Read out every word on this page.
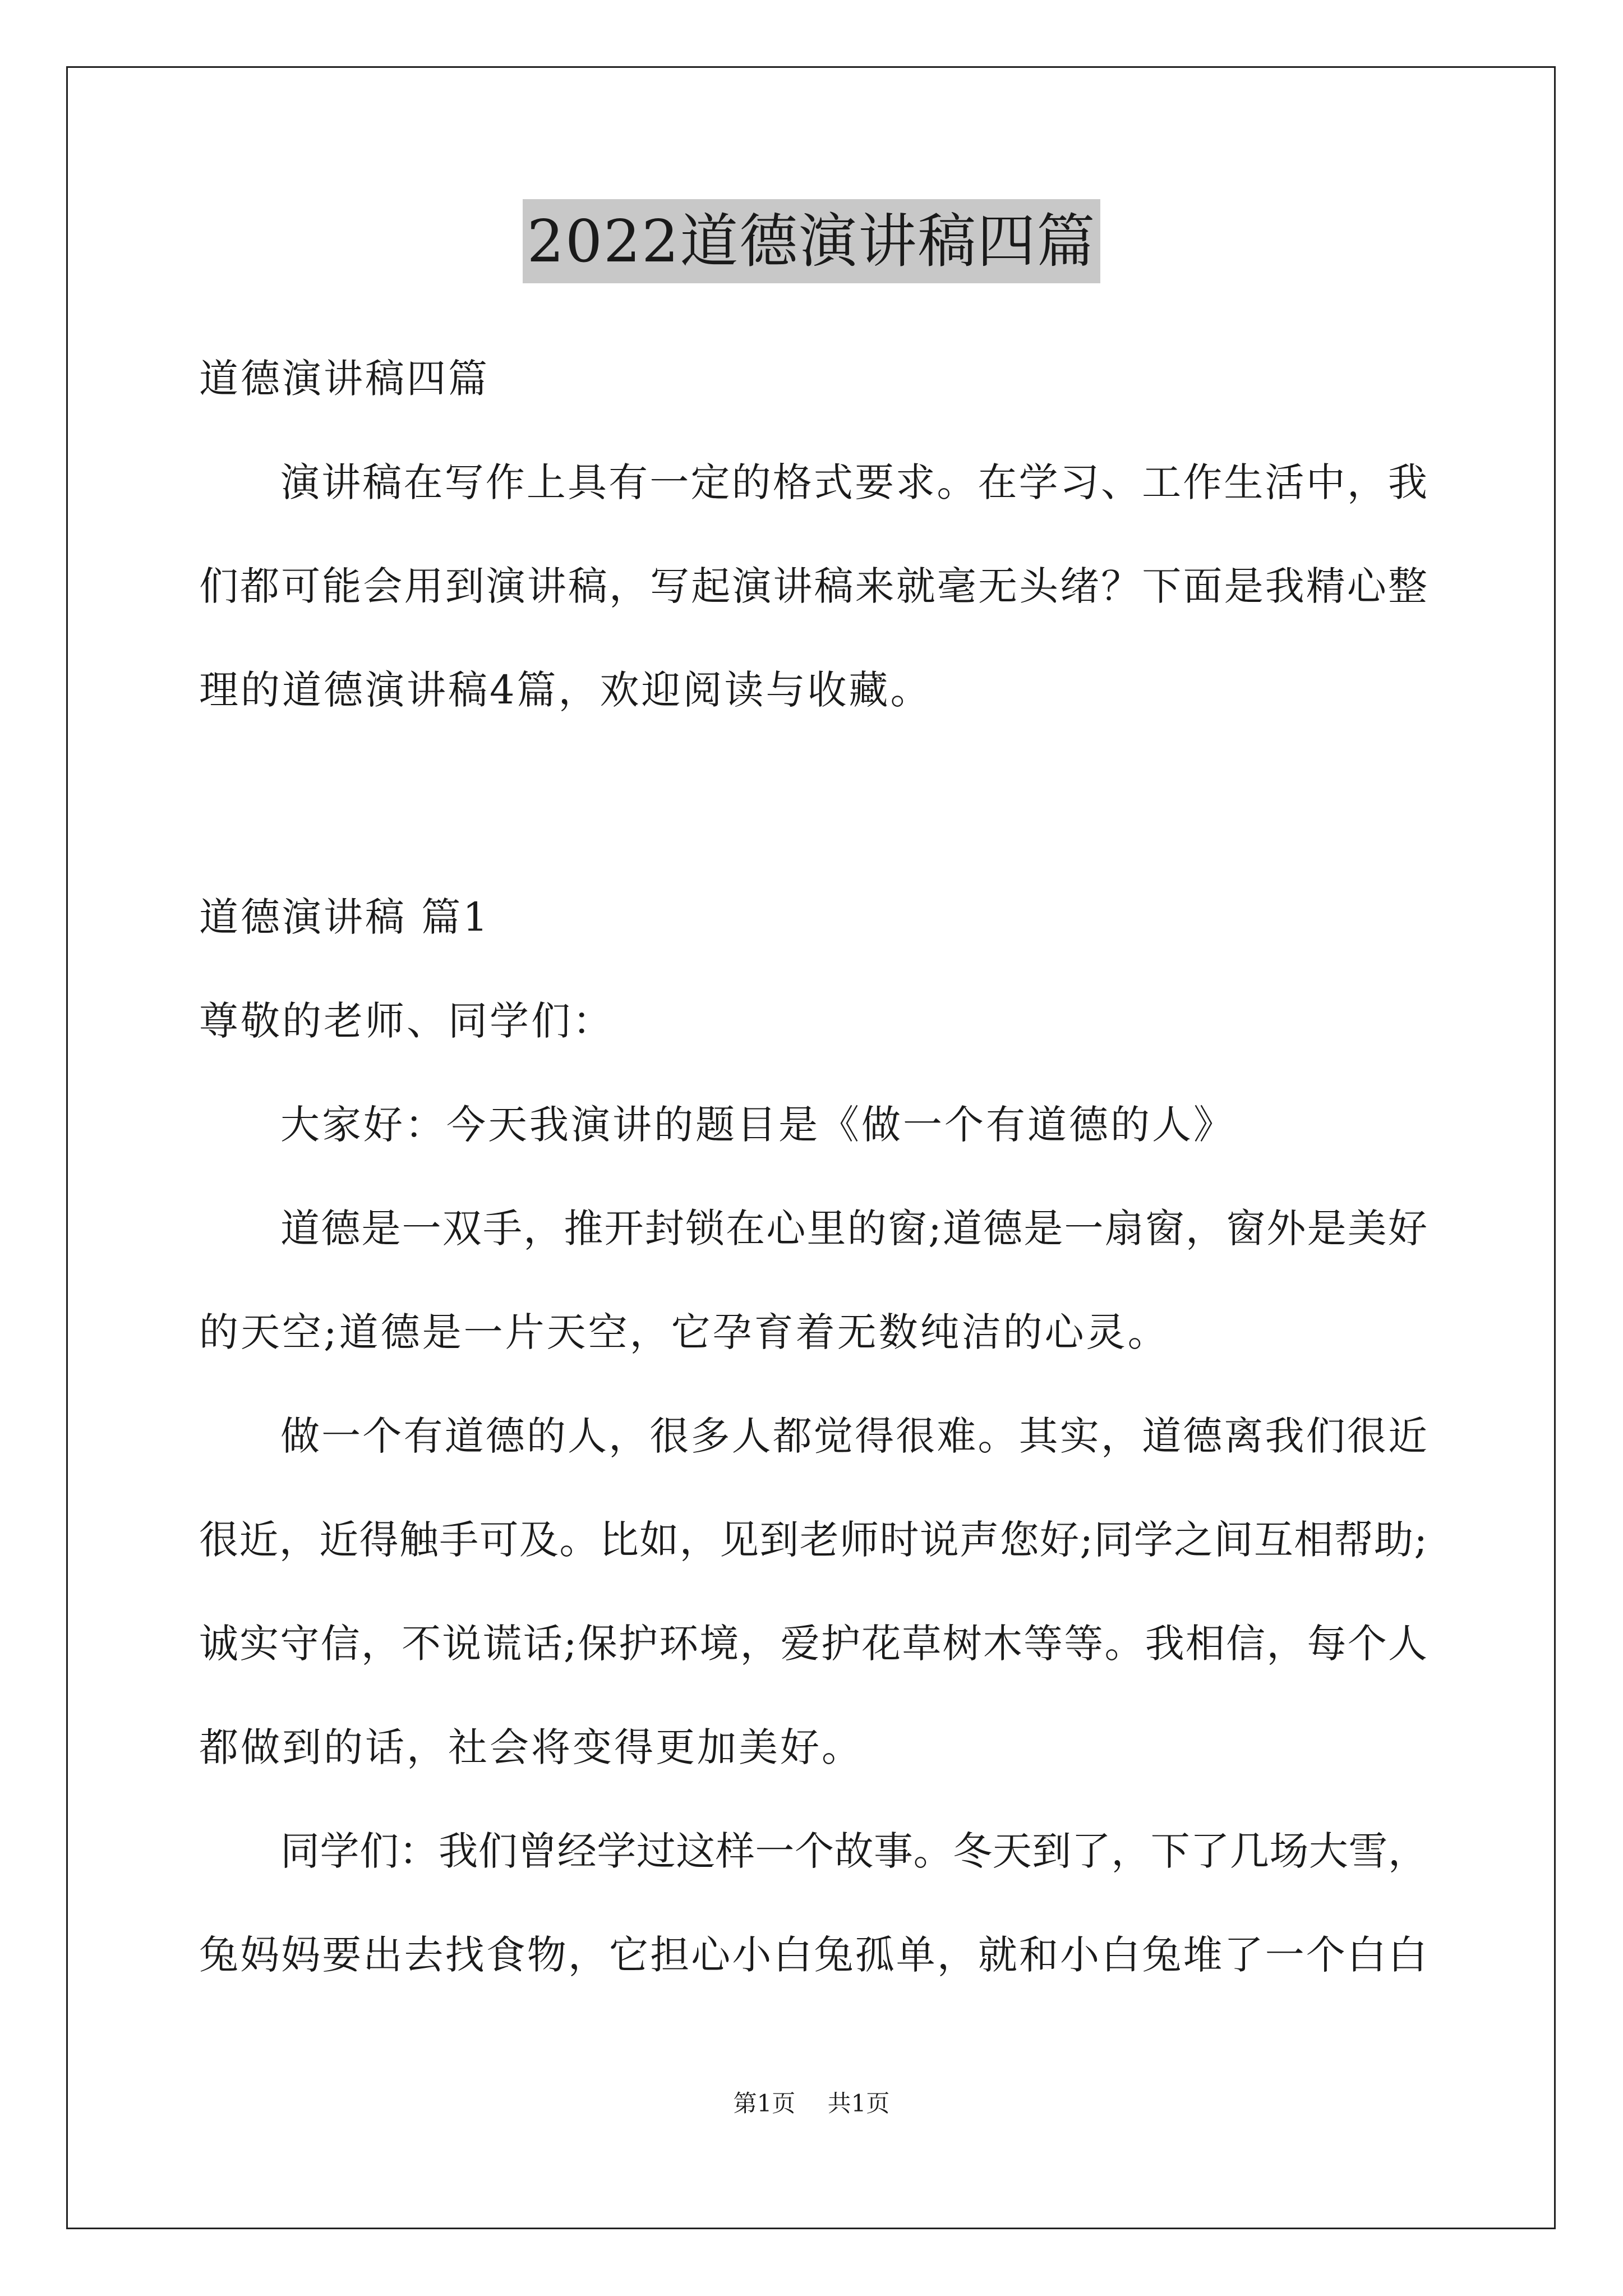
2022道德演讲稿四篇
道德演讲稿四篇
演讲稿在写作上具有一定的格式要求。在学习、工作生活中，我
们都可能会用到演讲稿，写起演讲稿来就毫无头绪？下面是我精心整
理的道德演讲稿4篇，欢迎阅读与收藏。
道德演讲稿 篇1
尊敬的老师、同学们：
大家好：今天我演讲的题目是《做一个有道德的人》
道德是一双手，推开封锁在心里的窗;道德是一扇窗，窗外是美好
的天空;道德是一片天空，它孕育着无数纯洁的心灵。
做一个有道德的人，很多人都觉得很难。其实，道德离我们很近
很近，近得触手可及。比如，见到老师时说声您好;同学之间互相帮助;
诚实守信，不说谎话;保护环境，爱护花草树木等等。我相信，每个人
都做到的话，社会将变得更加美好。
同学们：我们曾经学过这样一个故事。冬天到了，下了几场大雪，
兔妈妈要出去找食物，它担心小白兔孤单，就和小白兔堆了一个白白
第1页 共1页
